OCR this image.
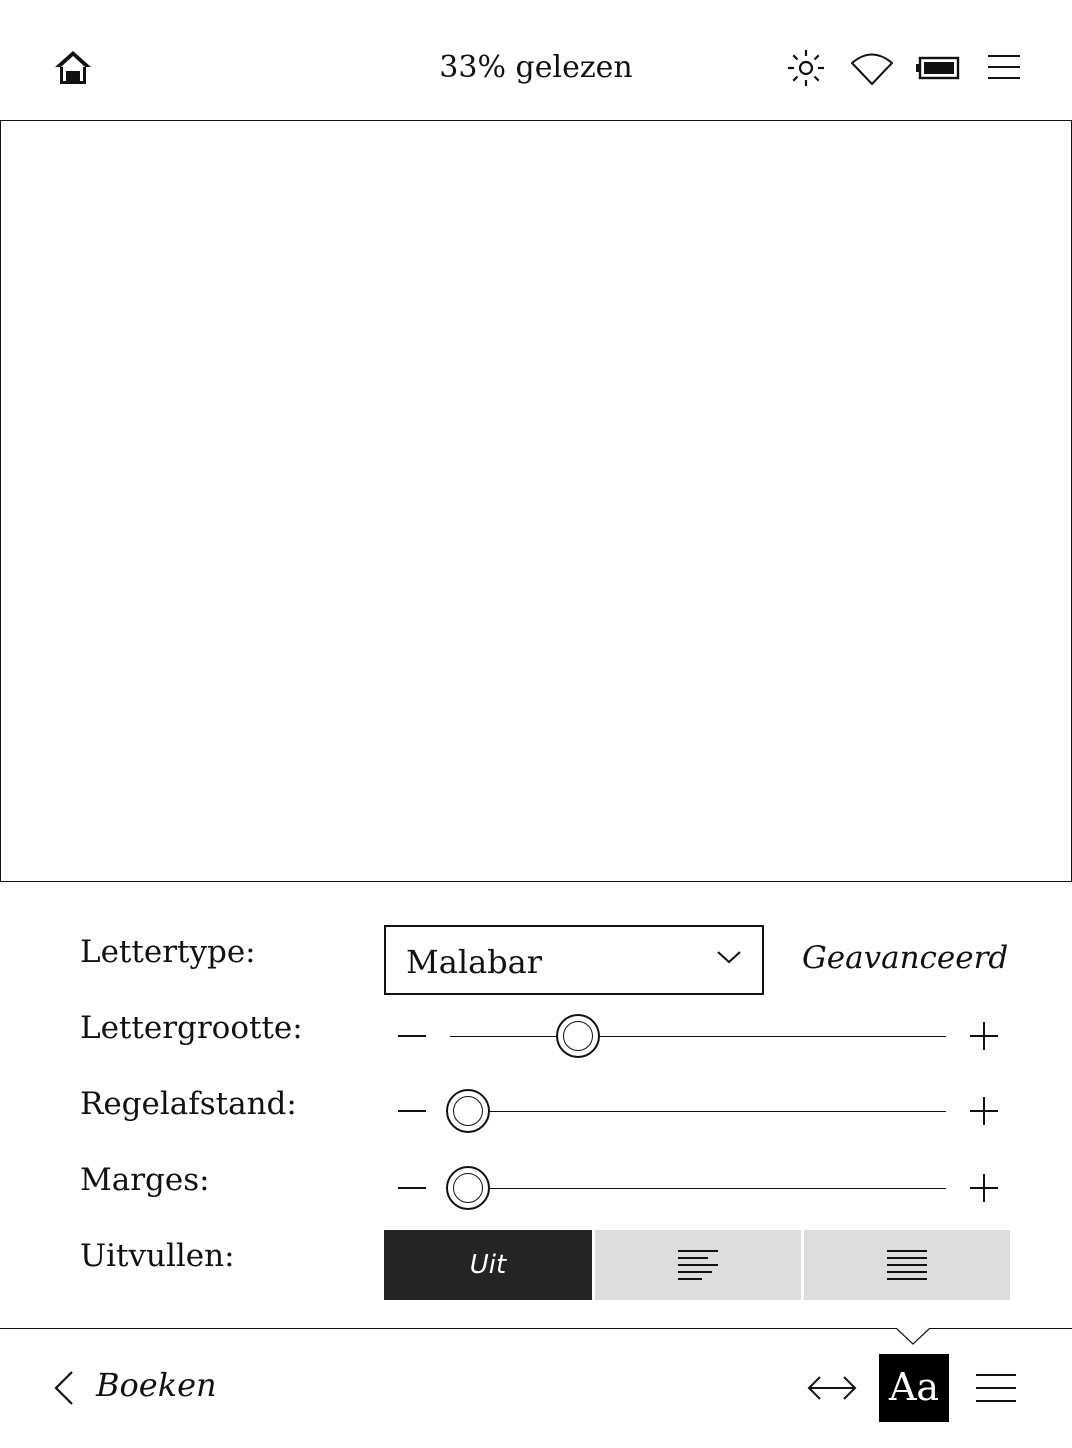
33% gelezen
Lettertype:	Malabar	Geavanceerd
Lettergrootte:
Regelafstand:
Marges:
Uitvullen:	Uit
Boeken	Aa
